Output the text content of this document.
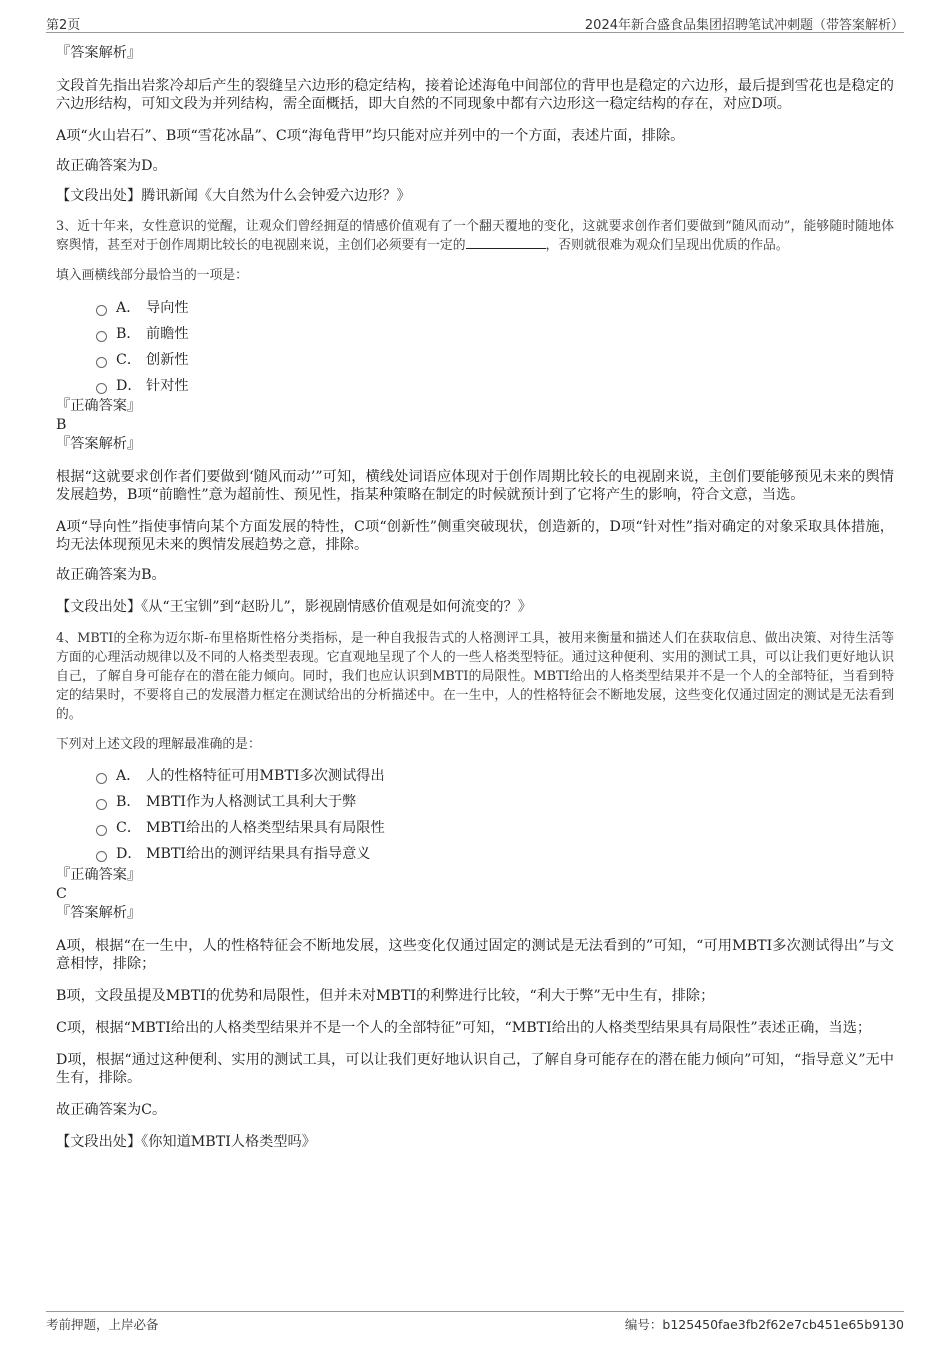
第2页	2024年新合盛食品集团招聘笔试冲刺题（带答案解析）

『答案解析』

文段首先指出岩浆冷却后产生的裂缝呈六边形的稳定结构，接着论述海龟中间部位的背甲也是稳定的六边形，最后提到雪花也是稳定的六边形结构，可知文段为并列结构，需全面概括，即大自然的不同现象中都有六边形这一稳定结构的存在，对应D项。

A项“火山岩石”、B项“雪花冰晶”、C项“海龟背甲”均只能对应并列中的一个方面，表述片面，排除。

故正确答案为D。

【文段出处】腾讯新闻《大自然为什么会钟爱六边形？》

3、近十年来，女性意识的觉醒，让观众们曾经拥趸的情感价值观有了一个翻天覆地的变化，这就要求创作者们要做到“随风而动”，能够随时随地体察舆情，甚至对于创作周期比较长的电视剧来说，主创们必须要有一定的	，否则就很难为观众们呈现出优质的作品。

填入画横线部分最恰当的一项是：

A． 导向性

B． 前瞻性

C． 创新性

D． 针对性

『正确答案』

B

『答案解析』

根据“这就要求创作者们要做到‘随风而动’”可知，横线处词语应体现对于创作周期比较长的电视剧来说，主创们要能够预见未来的舆情发展趋势，B项“前瞻性”意为超前性、预见性，指某种策略在制定的时候就预计到了它将产生的影响，符合文意，当选。

A项“导向性”指使事情向某个方面发展的特性，C项“创新性”侧重突破现状，创造新的，D项“针对性”指对确定的对象采取具体措施，均无法体现预见未来的舆情发展趋势之意，排除。

故正确答案为B。

【文段出处】《从“王宝钏”到“赵盼儿”，影视剧情感价值观是如何流变的？》

4、MBTI的全称为迈尔斯-布里格斯性格分类指标，是一种自我报告式的人格测评工具，被用来衡量和描述人们在获取信息、做出决策、对待生活等方面的心理活动规律以及不同的人格类型表现。它直观地呈现了个人的一些人格类型特征。通过这种便利、实用的测试工具，可以让我们更好地认识自己，了解自身可能存在的潜在能力倾向。同时，我们也应认识到MBTI的局限性。MBTI给出的人格类型结果并不是一个人的全部特征，当看到特定的结果时，不要将自己的发展潜力框定在测试给出的分析描述中。在一生中，人的性格特征会不断地发展，这些变化仅通过固定的测试是无法看到的。

下列对上述文段的理解最准确的是：

A． 人的性格特征可用MBTI多次测试得出

B． MBTI作为人格测试工具利大于弊

C． MBTI给出的人格类型结果具有局限性

D． MBTI给出的测评结果具有指导意义

『正确答案』

C

『答案解析』

A项，根据“在一生中，人的性格特征会不断地发展，这些变化仅通过固定的测试是无法看到的”可知，“可用MBTI多次测试得出”与文意相悖，排除；

B项，文段虽提及MBTI的优势和局限性，但并未对MBTI的利弊进行比较，“利大于弊”无中生有，排除；

C项，根据“MBTI给出的人格类型结果并不是一个人的全部特征”可知，“MBTI给出的人格类型结果具有局限性”表述正确，当选；

D项，根据“通过这种便利、实用的测试工具，可以让我们更好地认识自己，了解自身可能存在的潜在能力倾向”可知，“指导意义”无中生有，排除。

故正确答案为C。

【文段出处】《你知道MBTI人格类型吗》

考前押题，上岸必备	编号：b125450fae3fb2f62e7cb451e65b9130
